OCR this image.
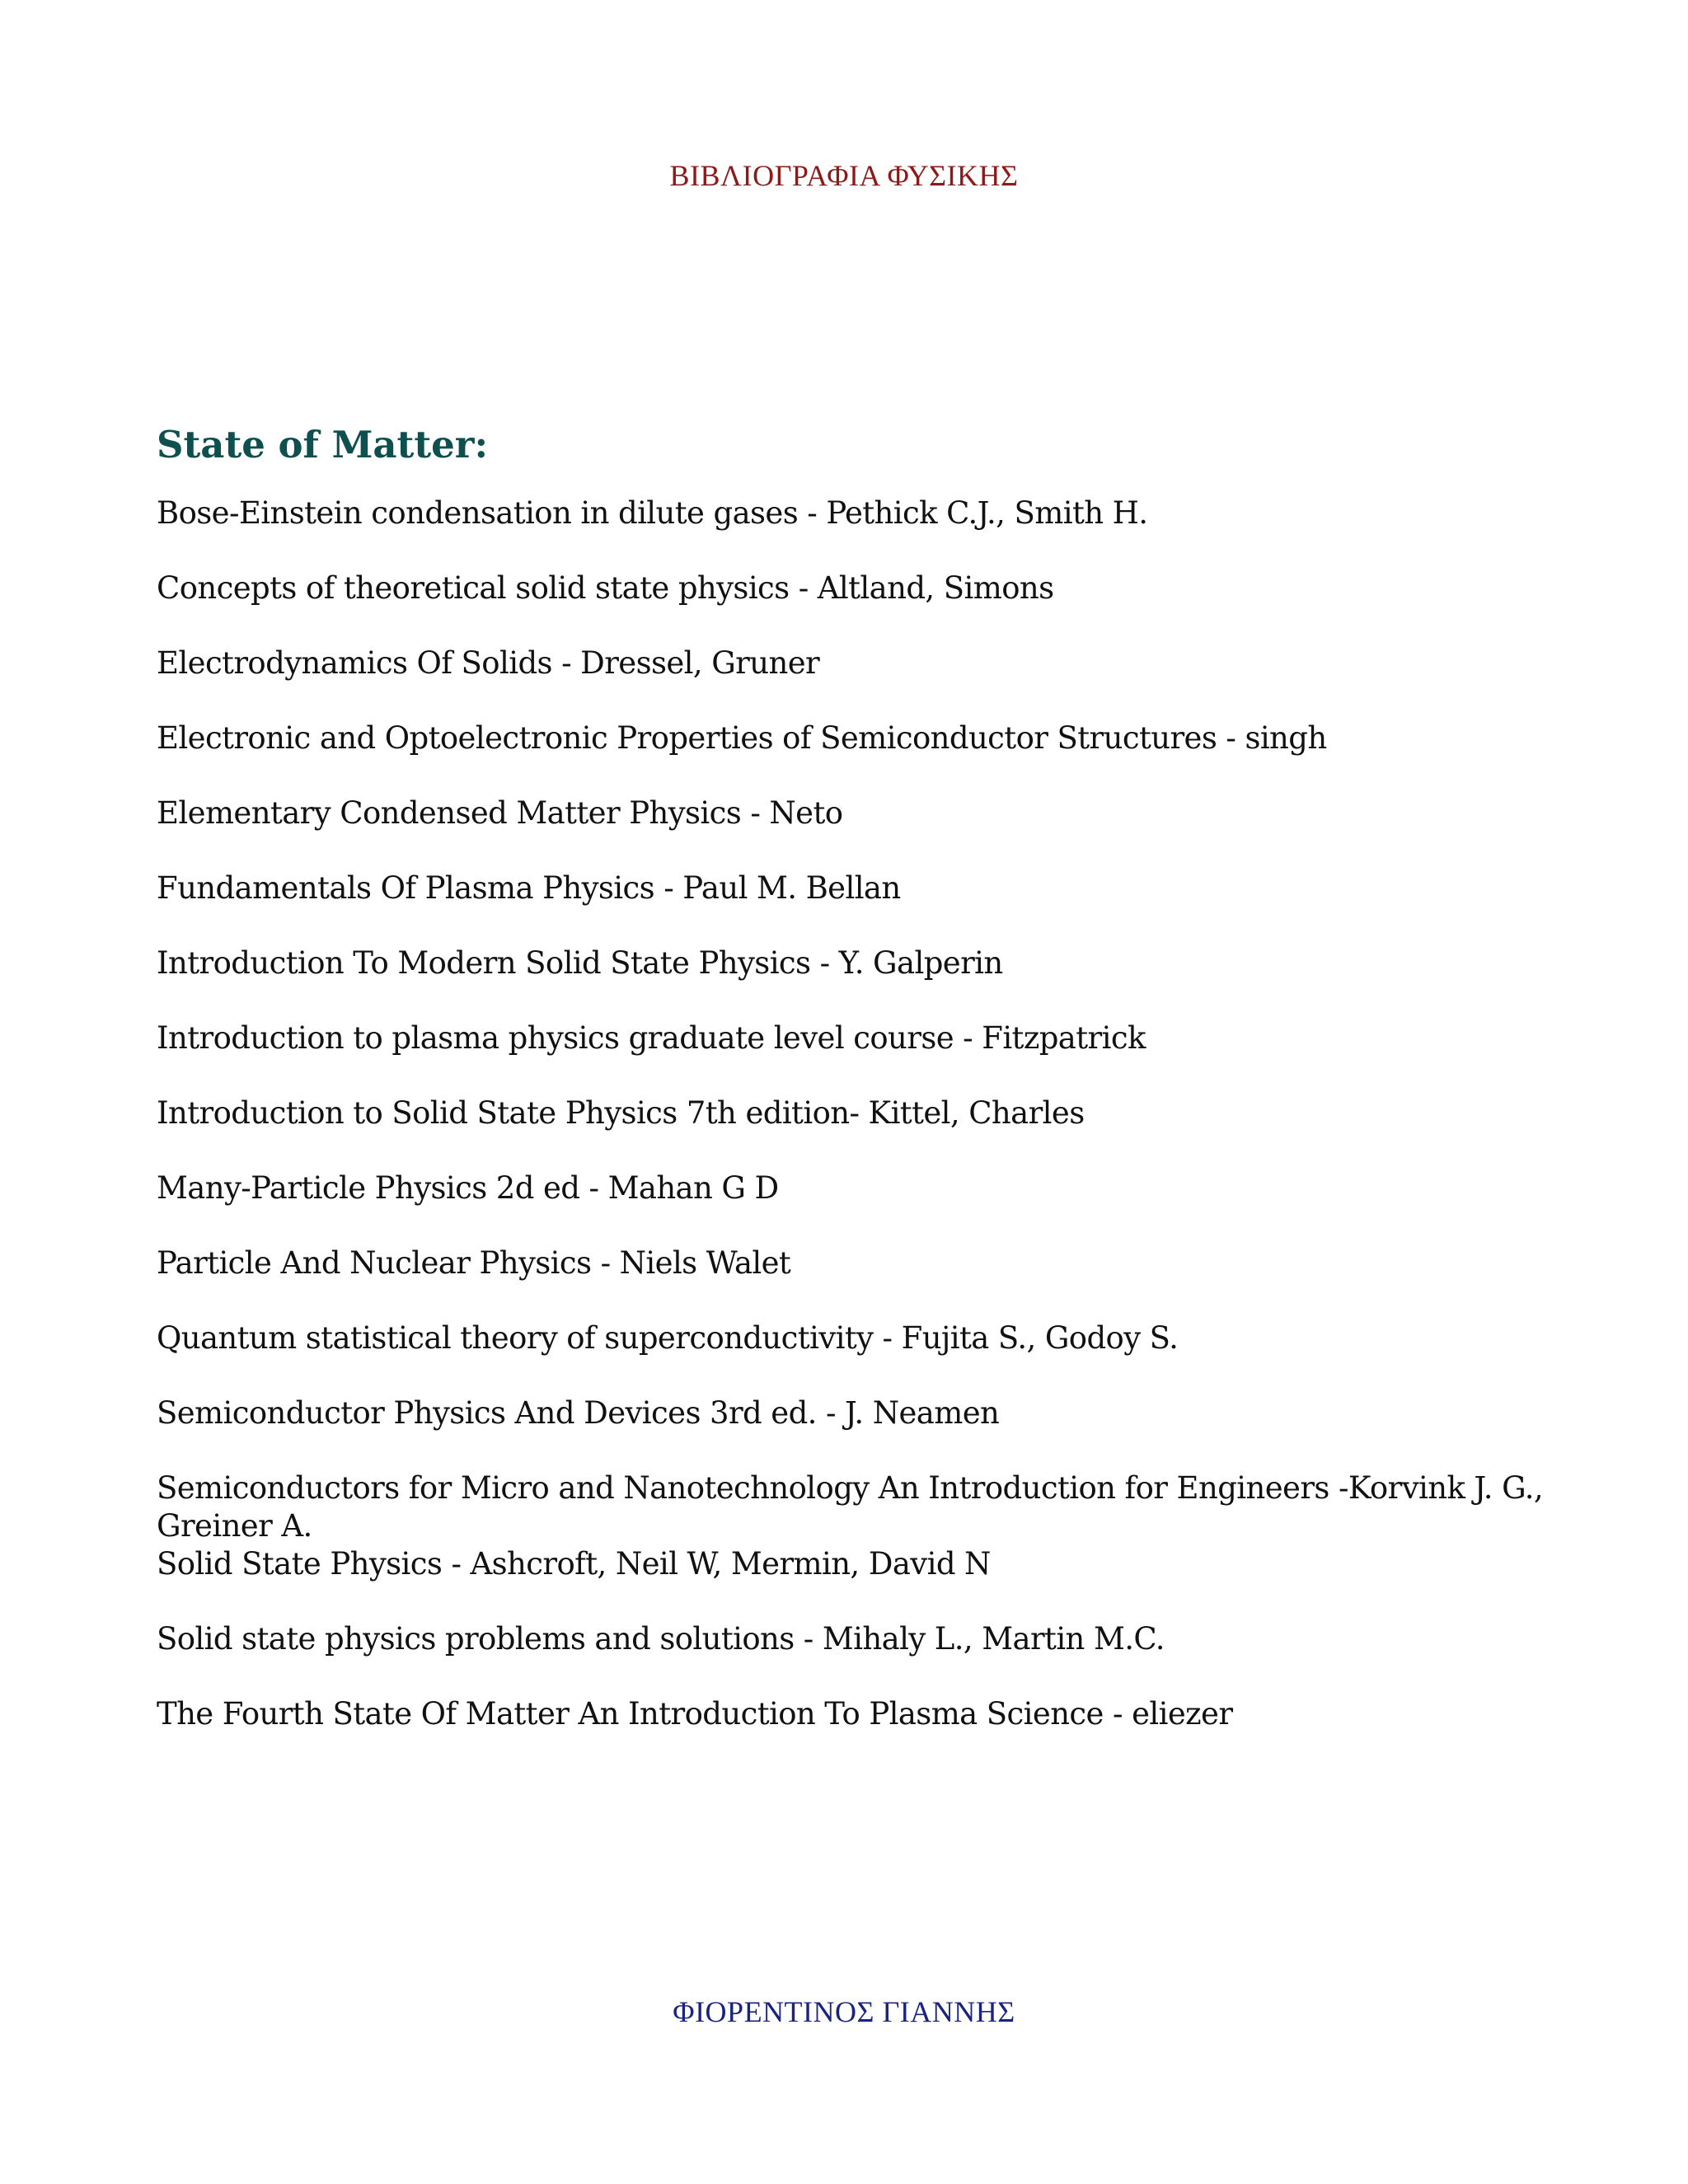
ΒΙΒΛΙΟΓΡΑΦΙΑ ΦΥΣΙΚΗΣ
State of Matter:
Bose-Einstein condensation in dilute gases - Pethick C.J., Smith H.
Concepts of theoretical solid state physics - Altland, Simons
Electrodynamics Of Solids - Dressel, Gruner
Electronic and Optoelectronic Properties of Semiconductor Structures - singh
Elementary Condensed Matter Physics - Neto
Fundamentals Of Plasma Physics - Paul M. Bellan
Introduction To Modern Solid State Physics - Y. Galperin
Introduction to plasma physics graduate level course - Fitzpatrick
Introduction to Solid State Physics 7th edition- Kittel, Charles
Many-Particle Physics 2d ed - Mahan G D
Particle And Nuclear Physics - Niels Walet
Quantum statistical theory of superconductivity - Fujita S., Godoy S.
Semiconductor Physics And Devices 3rd ed. - J. Neamen
Semiconductors for Micro and Nanotechnology An Introduction for Engineers -Korvink J. G., Greiner A.
Solid State Physics - Ashcroft, Neil W, Mermin, David N
Solid state physics problems and solutions - Mihaly L., Martin M.C.
The Fourth State Of Matter An Introduction To Plasma Science - eliezer
ΦΙΟΡΕΝΤΙΝΟΣ ΓΙΑΝΝΗΣ
